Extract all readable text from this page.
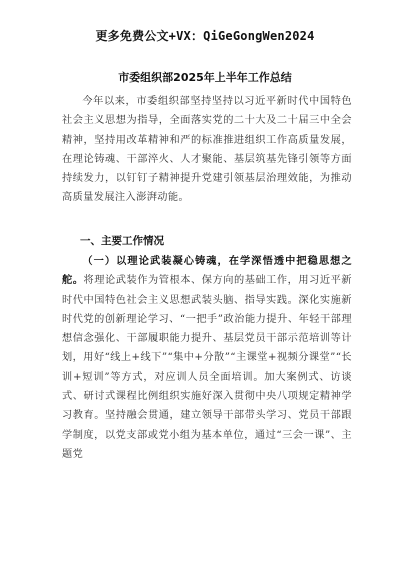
更多免费公文+VX：QiGeGongWen2024
市委组织部2025年上半年工作总结
今年以来，市委组织部坚持坚持以习近平新时代中国特色社会主义思想为指导，全面落实党的二十大及二十届三中全会精神，坚持用改革精神和严的标准推进组织工作高质量发展，在理论铸魂、干部淬火、人才聚能、基层筑基先锋引领等方面持续发力，以钉钉子精神提升党建引领基层治理效能，为推动高质量发展注入澎湃动能。
一、主要工作情况
（一）以理论武装凝心铸魂，在学深悟透中把稳思想之舵。将理论武装作为管根本、保方向的基础工作，用习近平新时代中国特色社会主义思想武装头脑、指导实践。深化实施新时代党的创新理论学习、“一把手”政治能力提升、年轻干部理想信念强化、干部履职能力提升、基层党员干部示范培训等计划，用好“线上+线下”“集中+分散”“主课堂+视频分课堂”“长训+短训”等方式，对应训人员全面培训。加大案例式、访谈式、研讨式课程比例组织实施好深入贯彻中央八项规定精神学习教育。坚持融会贯通，建立领导干部带头学习、党员干部跟学制度，以党支部或党小组为基本单位，通过“三会一课”、主题党
